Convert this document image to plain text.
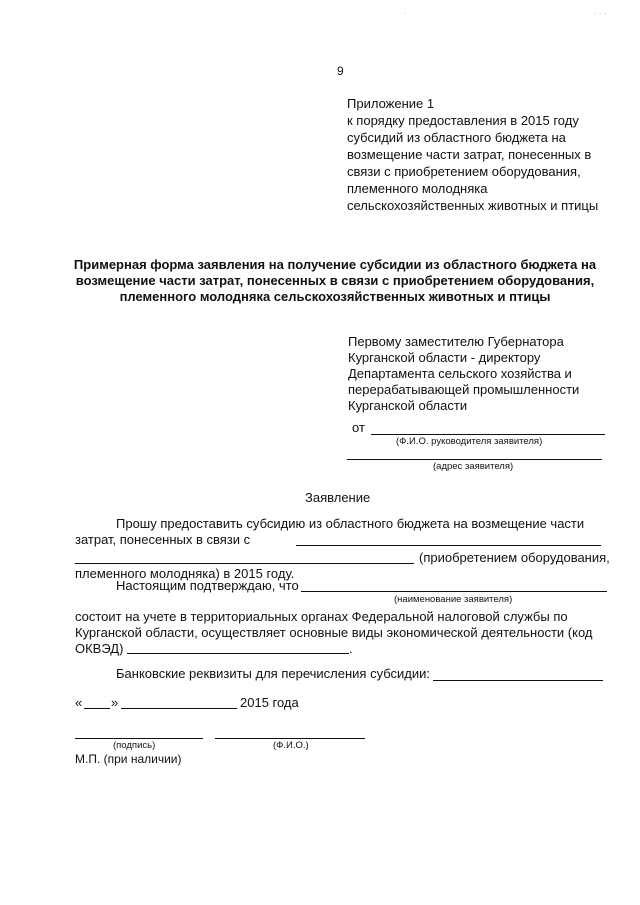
.	. . .
9
Приложение 1
к порядку предоставления в 2015 году
субсидий из областного бюджета на
возмещение части затрат, понесенных в
связи с приобретением оборудования,
племенного молодняка
сельскохозяйственных животных и птицы
Примерная форма заявления на получение субсидии из областного бюджета на возмещение части затрат, понесенных в связи с приобретением оборудования, племенного молодняка сельскохозяйственных животных и птицы
Первому заместителю Губернатора
Курганской области - директору
Департамента сельского хозяйства и
перерабатывающей промышленности
Курганской области
от
(Ф.И.О. руководителя заявителя)
(адрес заявителя)
Заявление
Прошу предоставить субсидию из областного бюджета на возмещение части
затрат, понесенных в связи с
(приобретением оборудования,
племенного молодняка) в 2015 году.
Настоящим подтверждаю, что
(наименование заявителя)
состоит на учете в территориальных органах Федеральной налоговой службы по
Курганской области, осуществляет основные виды экономической деятельности (код
ОКВЭД)	.
Банковские реквизиты для перечисления субсидии:
« »	2015 года
(подпись)	(Ф.И.О.)
М.П. (при наличии)
